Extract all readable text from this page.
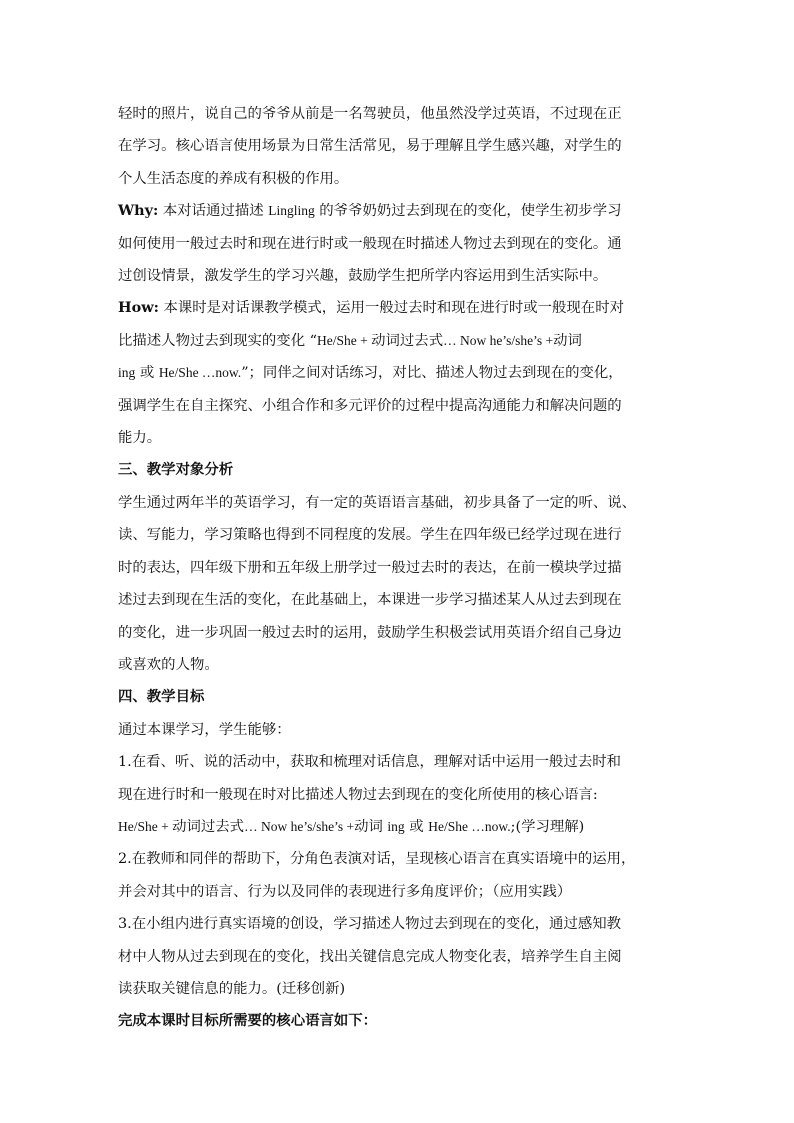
轻时的照片，说自己的爷爷从前是一名驾驶员，他虽然没学过英语，不过现在正

在学习。核心语言使用场景为日常生活常见，易于理解且学生感兴趣，对学生的

个人生活态度的养成有积极的作用。

Why: 本对话通过描述 Lingling 的爷爷奶奶过去到现在的变化，使学生初步学习

如何使用一般过去时和现在进行时或一般现在时描述人物过去到现在的变化。通

过创设情景，激发学生的学习兴趣，鼓励学生把所学内容运用到生活实际中。

How: 本课时是对话课教学模式，运用一般过去时和现在进行时或一般现在时对

比描述人物过去到现实的变化 “He/She + 动词过去式… Now he’s/she’s +动词

ing 或 He/She …now.”；同伴之间对话练习，对比、描述人物过去到现在的变化，

强调学生在自主探究、小组合作和多元评价的过程中提高沟通能力和解决问题的

能力。

三、教学对象分析

学生通过两年半的英语学习，有一定的英语语言基础，初步具备了一定的听、说、

读、写能力，学习策略也得到不同程度的发展。学生在四年级已经学过现在进行

时的表达，四年级下册和五年级上册学过一般过去时的表达，在前一模块学过描

述过去到现在生活的变化，在此基础上，本课进一步学习描述某人从过去到现在

的变化，进一步巩固一般过去时的运用，鼓励学生积极尝试用英语介绍自己身边

或喜欢的人物。

四、教学目标

通过本课学习，学生能够：

1.在看、听、说的活动中，获取和梳理对话信息，理解对话中运用一般过去时和

现在进行时和一般现在时对比描述人物过去到现在的变化所使用的核心语言:

He/She + 动词过去式… Now he’s/she’s +动词 ing 或 He/She …now.;(学习理解)

2.在教师和同伴的帮助下，分角色表演对话，呈现核心语言在真实语境中的运用，

并会对其中的语言、行为以及同伴的表现进行多角度评价；（应用实践）

3.在小组内进行真实语境的创设，学习描述人物过去到现在的变化，通过感知教

材中人物从过去到现在的变化，找出关键信息完成人物变化表，培养学生自主阅

读获取关键信息的能力。(迁移创新)

完成本课时目标所需要的核心语言如下：
